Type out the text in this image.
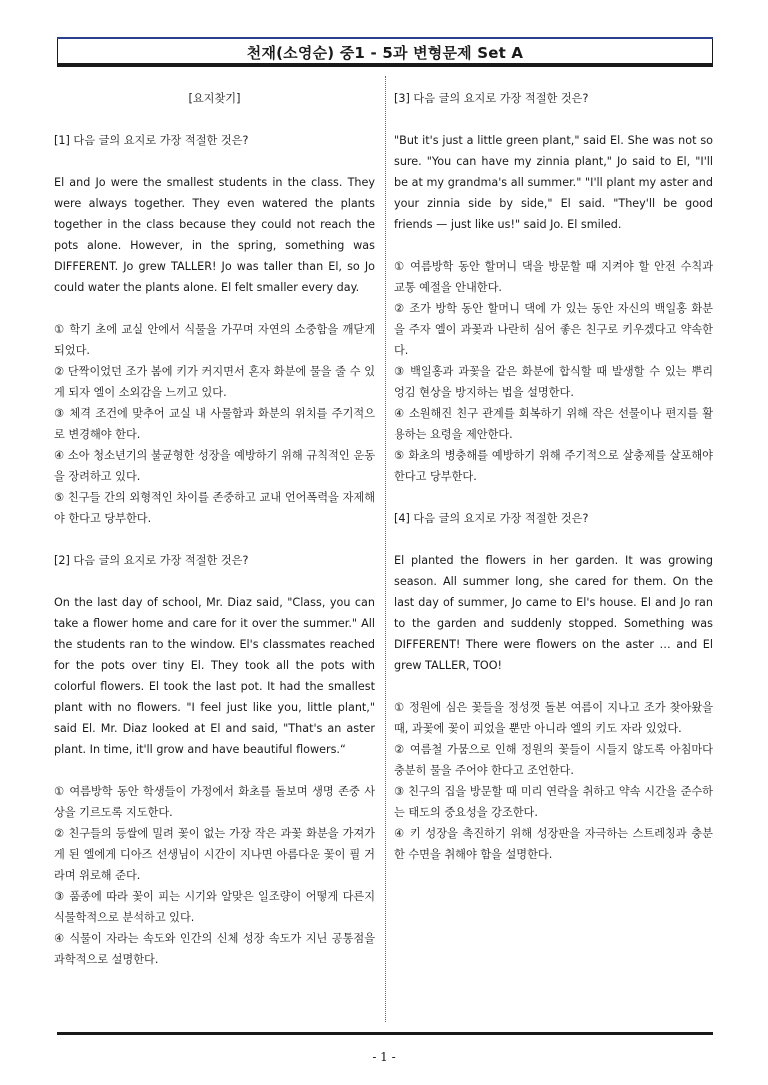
천재(소영순) 중1 - 5과 변형문제 Set A

[요지찾기]

[1] 다음 글의 요지로 가장 적절한 것은?

El and Jo were the smallest students in the class. They were always together. They even watered the plants together in the class because they could not reach the pots alone. However, in the spring, something was DIFFERENT. Jo grew TALLER! Jo was taller than El, so Jo could water the plants alone. El felt smaller every day.

① 학기 초에 교실 안에서 식물을 가꾸며 자연의 소중함을 깨닫게 되었다.

② 단짝이었던 조가 봄에 키가 커지면서 혼자 화분에 물을 줄 수 있게 되자 엘이 소외감을 느끼고 있다.

③ 체격 조건에 맞추어 교실 내 사물함과 화분의 위치를 주기적으로 변경해야 한다.

④ 소아 청소년기의 불균형한 성장을 예방하기 위해 규칙적인 운동을 장려하고 있다.

⑤ 친구들 간의 외형적인 차이를 존중하고 교내 언어폭력을 자제해야 한다고 당부한다.

[2] 다음 글의 요지로 가장 적절한 것은?

On the last day of school, Mr. Diaz said, "Class, you can take a flower home and care for it over the summer." All the students ran to the window. El's classmates reached for the pots over tiny El. They took all the pots with colorful flowers. El took the last pot. It had the smallest plant with no flowers. "I feel just like you, little plant," said El. Mr. Diaz looked at El and said, "That's an aster plant. In time, it'll grow and have beautiful flowers.“

① 여름방학 동안 학생들이 가정에서 화초를 돌보며 생명 존중 사상을 기르도록 지도한다.

② 친구들의 등쌀에 밀려 꽃이 없는 가장 작은 과꽃 화분을 가져가게 된 엘에게 디아즈 선생님이 시간이 지나면 아름다운 꽃이 필 거라며 위로해 준다.

③ 품종에 따라 꽃이 피는 시기와 알맞은 일조량이 어떻게 다른지 식물학적으로 분석하고 있다.

④ 식물이 자라는 속도와 인간의 신체 성장 속도가 지닌 공통점을 과학적으로 설명한다.

[3] 다음 글의 요지로 가장 적절한 것은?

"But it's just a little green plant," said El. She was not so sure. "You can have my zinnia plant," Jo said to El, "I'll be at my grandma's all summer." "I'll plant my aster and your zinnia side by side," El said. "They'll be good friends — just like us!" said Jo. El smiled.

① 여름방학 동안 할머니 댁을 방문할 때 지켜야 할 안전 수칙과 교통 예절을 안내한다.

② 조가 방학 동안 할머니 댁에 가 있는 동안 자신의 백일홍 화분을 주자 엘이 과꽃과 나란히 심어 좋은 친구로 키우겠다고 약속한다.

③ 백일홍과 과꽃을 같은 화분에 합식할 때 발생할 수 있는 뿌리 엉김 현상을 방지하는 법을 설명한다.

④ 소원해진 친구 관계를 회복하기 위해 작은 선물이나 편지를 활용하는 요령을 제안한다.

⑤ 화초의 병충해를 예방하기 위해 주기적으로 살충제를 살포해야 한다고 당부한다.

[4] 다음 글의 요지로 가장 적절한 것은?

El planted the flowers in her garden. It was growing season. All summer long, she cared for them. On the last day of summer, Jo came to El's house. El and Jo ran to the garden and suddenly stopped. Something was DIFFERENT! There were flowers on the aster … and El grew TALLER, TOO!

① 정원에 심은 꽃들을 정성껏 돌본 여름이 지나고 조가 찾아왔을 때, 과꽃에 꽃이 피었을 뿐만 아니라 엘의 키도 자라 있었다.

② 여름철 가뭄으로 인해 정원의 꽃들이 시들지 않도록 아침마다 충분히 물을 주어야 한다고 조언한다.

③ 친구의 집을 방문할 때 미리 연락을 취하고 약속 시간을 준수하는 태도의 중요성을 강조한다.

④ 키 성장을 촉진하기 위해 성장판을 자극하는 스트레칭과 충분한 수면을 취해야 함을 설명한다.

- 1 -
